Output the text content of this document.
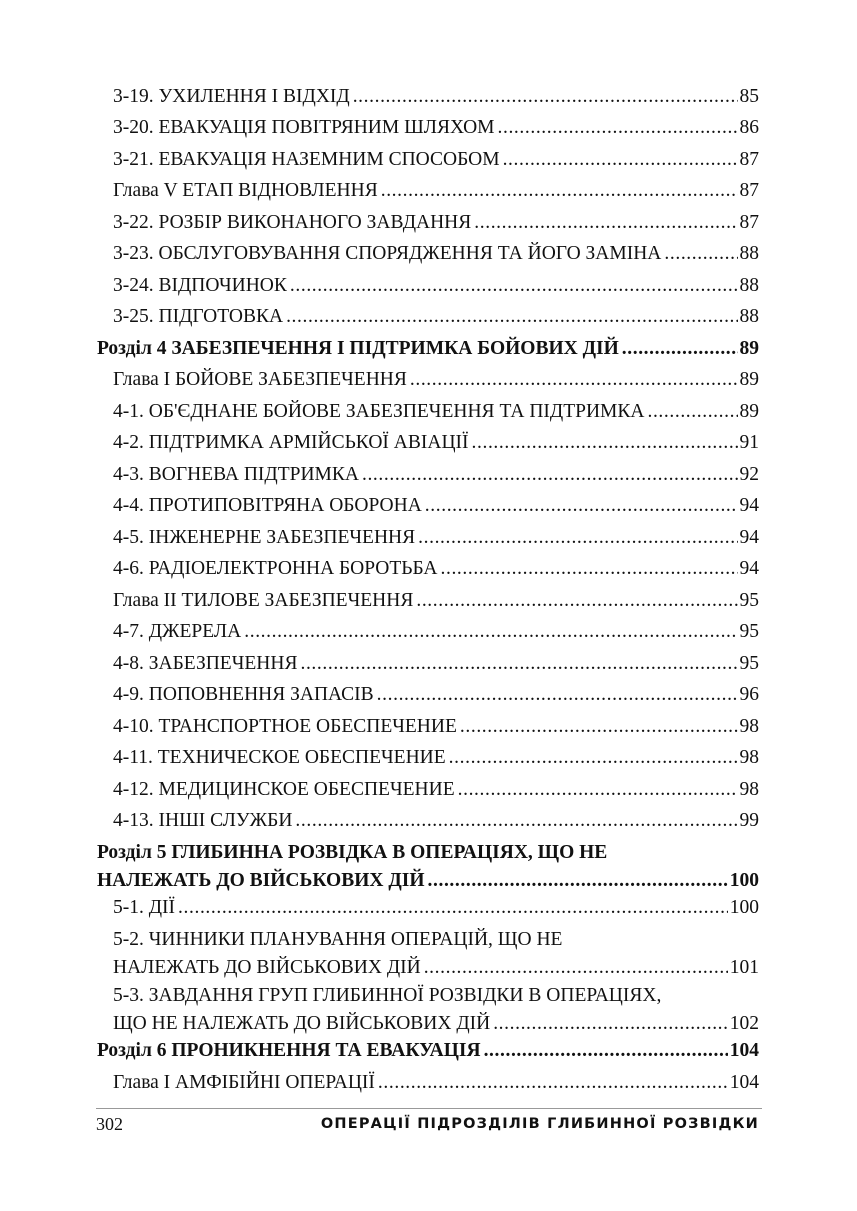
3-19. УХИЛЕННЯ І ВІДХІД .....	85
3-20. ЕВАКУАЦІЯ ПОВІТРЯНИМ ШЛЯХОМ .....	86
3-21. ЕВАКУАЦІЯ НАЗЕМНИМ СПОСОБОМ .....	87
Глава V ЕТАП ВІДНОВЛЕННЯ .....	87
3-22. РОЗБІР ВИКОНАНОГО ЗАВДАННЯ .....	87
3-23. ОБСЛУГОВУВАННЯ СПОРЯДЖЕННЯ ТА ЙОГО ЗАМІНА .....	88
3-24. ВІДПОЧИНОК .....	88
3-25. ПІДГОТОВКА .....	88
Розділ 4 ЗАБЕЗПЕЧЕННЯ І ПІДТРИМКА БОЙОВИХ ДІЙ .....	89
Глава І БОЙОВЕ ЗАБЕЗПЕЧЕННЯ .....	89
4-1. ОБ'ЄДНАНЕ БОЙОВЕ ЗАБЕЗПЕЧЕННЯ ТА ПІДТРИМКА .....	89
4-2. ПІДТРИМКА АРМІЙСЬКОЇ АВІАЦІЇ .....	91
4-3. ВОГНЕВА ПІДТРИМКА .....	92
4-4. ПРОТИПОВІТРЯНА ОБОРОНА .....	94
4-5. ІНЖЕНЕРНЕ ЗАБЕЗПЕЧЕННЯ .....	94
4-6. РАДІОЕЛЕКТРОННА БОРОТЬБА .....	94
Глава II ТИЛОВЕ ЗАБЕЗПЕЧЕННЯ .....	95
4-7. ДЖЕРЕЛА .....	95
4-8. ЗАБЕЗПЕЧЕННЯ .....	95
4-9. ПОПОВНЕННЯ ЗАПАСІВ .....	96
4-10. ТРАНСПОРТНОЕ ОБЕСПЕЧЕНИЕ .....	98
4-11. ТЕХНИЧЕСКОЕ ОБЕСПЕЧЕНИЕ .....	98
4-12. МЕДИЦИНСКОЕ ОБЕСПЕЧЕНИЕ .....	98
4-13. ІНШІ СЛУЖБИ .....	99
Розділ 5 ГЛИБИННА РОЗВІДКА В ОПЕРАЦІЯХ, ЩО НЕ
НАЛЕЖАТЬ ДО ВІЙСЬКОВИХ ДІЙ .....	100
5-1. ДІЇ .....	100
5-2. ЧИННИКИ ПЛАНУВАННЯ ОПЕРАЦІЙ, ЩО НЕ
НАЛЕЖАТЬ ДО ВІЙСЬКОВИХ ДІЙ .....	101
5-3. ЗАВДАННЯ ГРУП ГЛИБИННОЇ РОЗВІДКИ В ОПЕРАЦІЯХ,
ЩО НЕ НАЛЕЖАТЬ ДО ВІЙСЬКОВИХ ДІЙ .....	102
Розділ 6 ПРОНИКНЕННЯ ТА ЕВАКУАЦІЯ .....	104
Глава І АМФІБІЙНІ ОПЕРАЦІЇ .....	104
302	ОПЕРАЦІЇ ПІДРОЗДІЛІВ ГЛИБИННОЇ РОЗВІДКИ
